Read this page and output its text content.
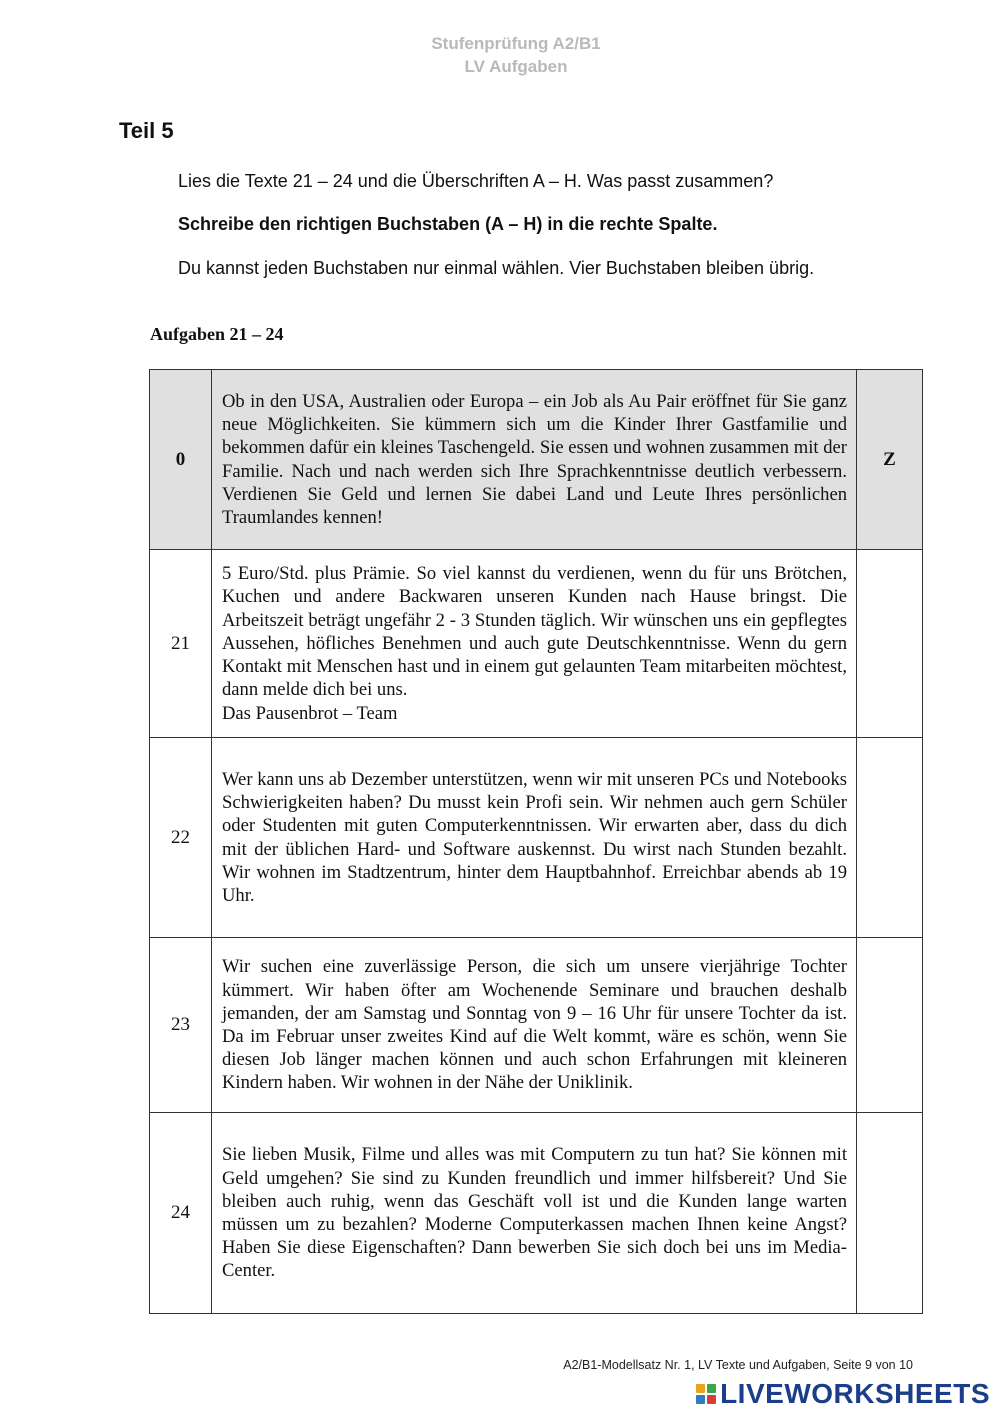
Stufenprüfung A2/B1
LV Aufgaben
Teil 5
Lies die Texte 21 – 24 und die Überschriften A – H. Was passt zusammen?
Schreibe den richtigen Buchstaben (A – H) in die rechte Spalte.
Du kannst jeden Buchstaben nur einmal wählen. Vier Buchstaben bleiben übrig.
Aufgaben 21 – 24
0	Ob in den USA, Australien oder Europa – ein Job als Au Pair eröffnet für Sie ganz neue Möglichkeiten. Sie kümmern sich um die Kinder Ihrer Gastfamilie und bekommen dafür ein kleines Taschengeld. Sie essen und wohnen zusammen mit der Familie. Nach und nach werden sich Ihre Sprachkenntnisse deutlich verbessern. Verdienen Sie Geld und lernen Sie dabei Land und Leute Ihres persönlichen Traumlandes kennen!	Z
21	5 Euro/Std. plus Prämie. So viel kannst du verdienen, wenn du für uns Brötchen, Kuchen und andere Backwaren unseren Kunden nach Hause bringst. Die Arbeitszeit beträgt ungefähr 2 - 3 Stunden täglich. Wir wünschen uns ein gepflegtes Aussehen, höfliches Benehmen und auch gute Deutschkenntnisse. Wenn du gern Kontakt mit Menschen hast und in einem gut gelaunten Team mitarbeiten möchtest, dann melde dich bei uns.
Das Pausenbrot – Team	
22	Wer kann uns ab Dezember unterstützen, wenn wir mit unseren PCs und Notebooks Schwierigkeiten haben? Du musst kein Profi sein. Wir nehmen auch gern Schüler oder Studenten mit guten Computerkenntnissen. Wir erwarten aber, dass du dich mit der üblichen Hard- und Software auskennst. Du wirst nach Stunden bezahlt. Wir wohnen im Stadtzentrum, hinter dem Hauptbahnhof. Erreichbar abends ab 19 Uhr.	
23	Wir suchen eine zuverlässige Person, die sich um unsere vierjährige Tochter kümmert. Wir haben öfter am Wochenende Seminare und brauchen deshalb jemanden, der am Samstag und Sonntag von 9 – 16 Uhr für unsere Tochter da ist. Da im Februar unser zweites Kind auf die Welt kommt, wäre es schön, wenn Sie diesen Job länger machen können und auch schon Erfahrungen mit kleineren Kindern haben. Wir wohnen in der Nähe der Uniklinik.	
24	Sie lieben Musik, Filme und alles was mit Computern zu tun hat? Sie können mit Geld umgehen? Sie sind zu Kunden freundlich und immer hilfsbereit? Und Sie bleiben auch ruhig, wenn das Geschäft voll ist und die Kunden lange warten müssen um zu bezahlen? Moderne Computerkassen machen Ihnen keine Angst? Haben Sie diese Eigenschaften? Dann bewerben Sie sich doch bei uns im Media-Center.	
A2/B1-Modellsatz Nr. 1, LV Texte und Aufgaben, Seite 9 von 10
LIVEWORKSHEETS
